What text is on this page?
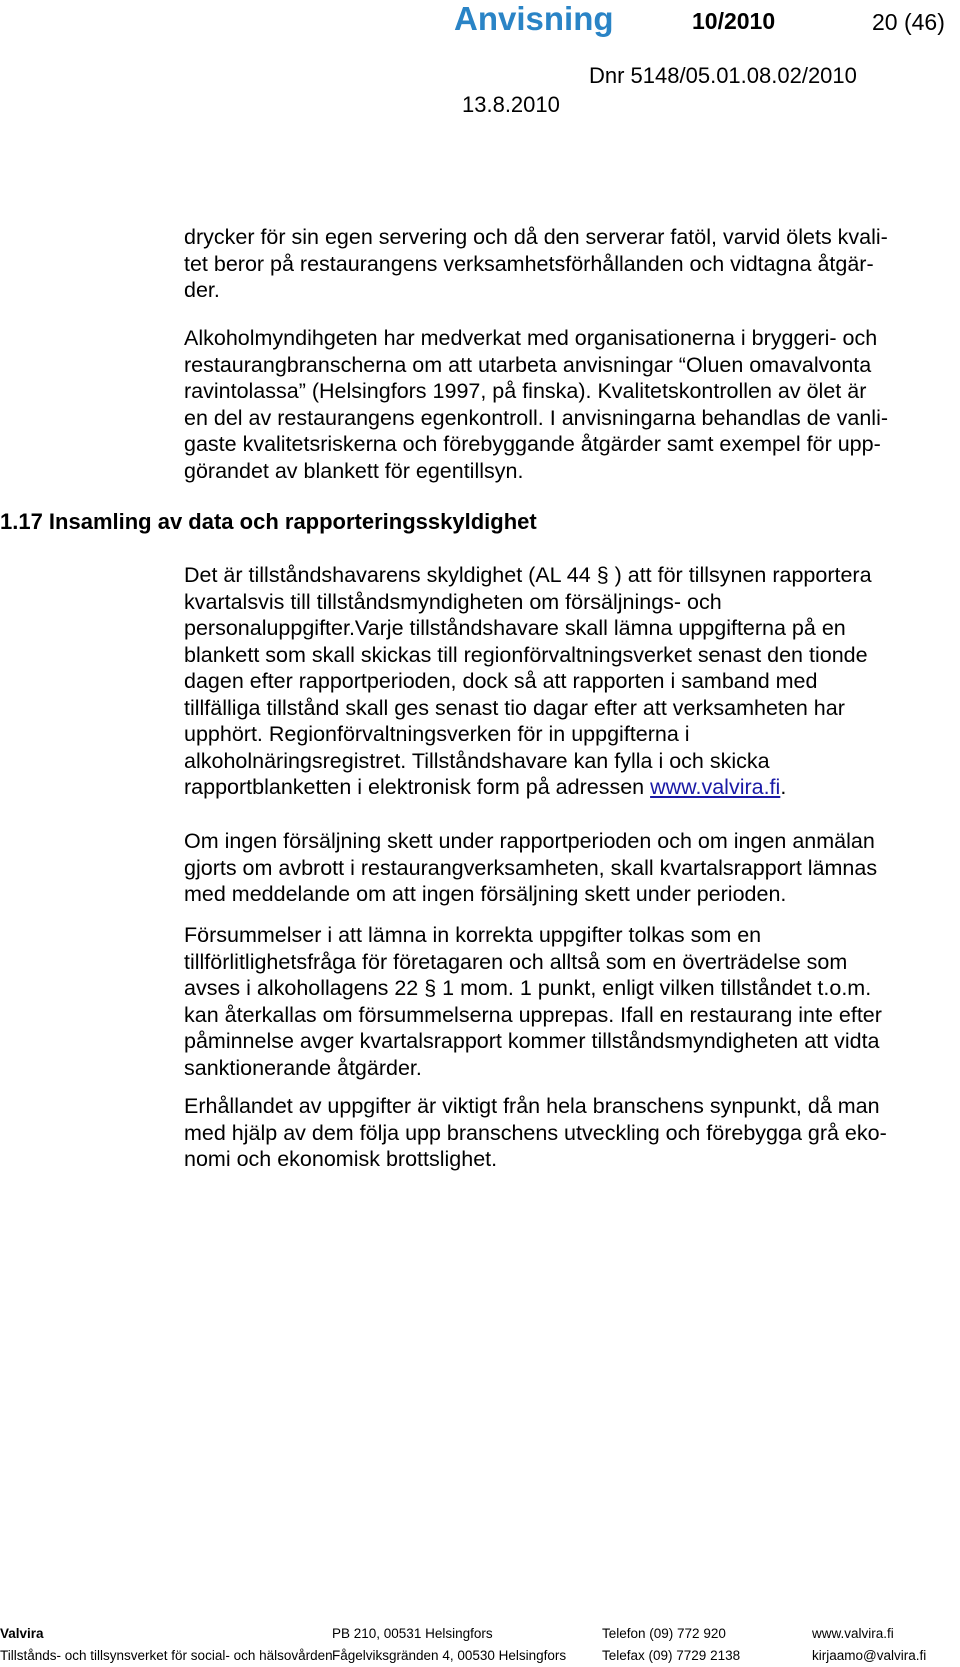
Anvisning	10/2010	20 (46)
Dnr 5148/05.01.08.02/2010
13.8.2010
drycker för sin egen servering och då den serverar fatöl, varvid ölets kvali-
tet beror på restaurangens verksamhetsförhållanden och vidtagna åtgär-
der.
Alkoholmyndihgeten har medverkat med organisationerna i bryggeri- och
restaurangbranscherna om att utarbeta anvisningar “Oluen omavalvonta
ravintolassa” (Helsingfors 1997, på finska). Kvalitetskontrollen av ölet är
en del av restaurangens egenkontroll. I anvisningarna behandlas de vanli-
gaste kvalitetsriskerna och förebyggande åtgärder samt exempel för upp-
görandet av blankett för egentillsyn.
1.17 Insamling av data och rapporteringsskyldighet
Det är tillståndshavarens skyldighet (AL 44 § ) att för tillsynen rapportera
kvartalsvis till tillståndsmyndigheten om försäljnings- och
personaluppgifter.Varje tillståndshavare skall lämna uppgifterna på en
blankett som skall skickas till regionförvaltningsverket senast den tionde
dagen efter rapportperioden, dock så att rapporten i samband med
tillfälliga tillstånd skall ges senast tio dagar efter att verksamheten har
upphört. Regionförvaltningsverken för in uppgifterna i
alkoholnäringsregistret. Tillståndshavare kan fylla i och skicka
rapportblanketten i elektronisk form på adressen www.valvira.fi.
Om ingen försäljning skett under rapportperioden och om ingen anmälan
gjorts om avbrott i restaurangverksamheten, skall kvartalsrapport lämnas
med meddelande om att ingen försäljning skett under perioden.
Försummelser i att lämna in korrekta uppgifter tolkas som en
tillförlitlighetsfråga för företagaren och alltså som en överträdelse som
avses i alkohollagens 22 § 1 mom. 1 punkt, enligt vilken tillståndet t.o.m.
kan återkallas om försummelserna upprepas. Ifall en restaurang inte efter
påminnelse avger kvartalsrapport kommer tillståndsmyndigheten att vidta
sanktionerande åtgärder.
Erhållandet av uppgifter är viktigt från hela branschens synpunkt, då man
med hjälp av dem följa upp branschens utveckling och förebygga grå eko-
nomi och ekonomisk brottslighet.
Valvira
Tillstånds- och tillsynsverket för social- och hälsovården
PB 210, 00531 Helsingfors
Fågelviksgränden 4, 00530 Helsingfors
Telefon (09) 772 920
Telefax (09) 7729 2138
www.valvira.fi
kirjaamo@valvira.fi
